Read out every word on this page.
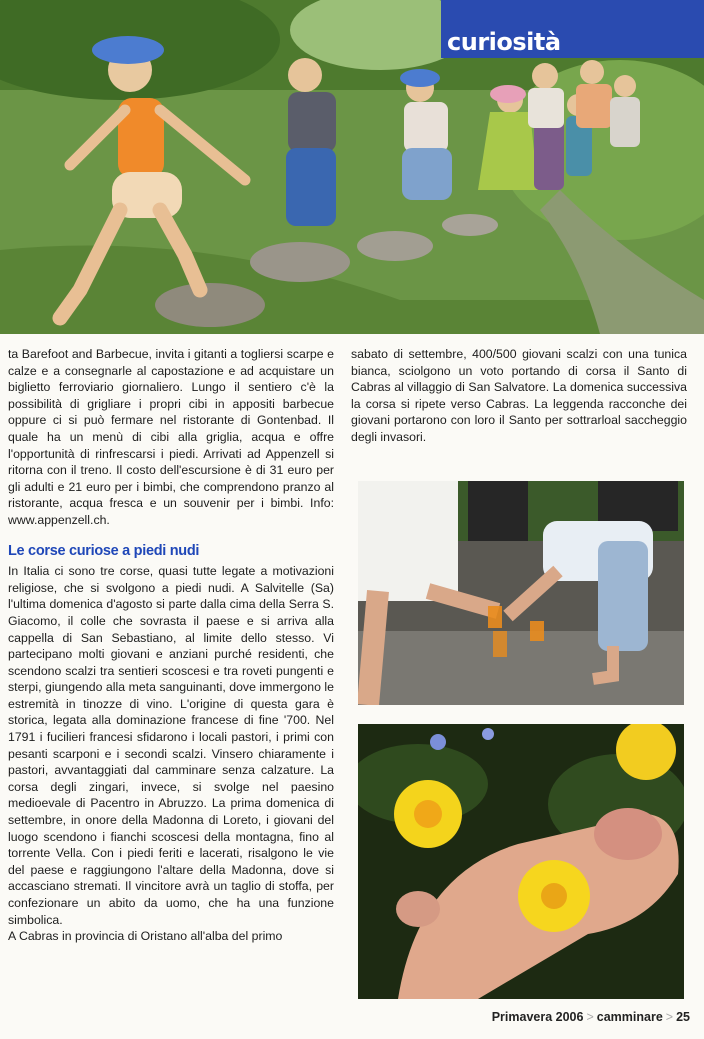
curiosità

ta Barefoot and Barbecue, invita i gitanti a togliersi scarpe e calze e a consegnarle al capostazione e ad acquistare un biglietto ferroviario giornaliero. Lungo il sentiero c'è la possibilità di grigliare i propri cibi in appositi barbecue oppure ci si può fermare nel ristorante di Gontenbad. Il quale ha un menù di cibi alla griglia, acqua e offre l'opportunità di rinfrescarsi i piedi. Arrivati ad Appenzell si ritorna con il treno. Il costo dell'escursione è di 31 euro per gli adulti e 21 euro per i bimbi, che comprendono pranzo al ristorante, acqua fresca e un souvenir per i bimbi. Info: www.appenzell.ch.

Le corse curiose a piedi nudi

In Italia ci sono tre corse, quasi tutte legate a motivazioni religiose, che si svolgono a piedi nudi. A Salvitelle (Sa) l'ultima domenica d'agosto si parte dalla cima della Serra S. Giacomo, il colle che sovrasta il paese e si arriva alla cappella di San Sebastiano, al limite dello stesso. Vi partecipano molti giovani e anziani purché residenti, che scendono scalzi tra sentieri scoscesi e tra roveti pungenti e sterpi, giungendo alla meta sanguinanti, dove immergono le estremità in tinozze di vino. L'origine di questa gara è storica, legata alla dominazione francese di fine '700. Nel 1791 i fucilieri francesi sfidarono i locali pastori, i primi con pesanti scarponi e i secondi scalzi. Vinsero chiaramente i pastori, avvantaggiati dal camminare senza calzature. La corsa degli zingari, invece, si svolge nel paesino medioevale di Pacentro in Abruzzo. La prima domenica di settembre, in onore della Madonna di Loreto, i giovani del luogo scendono i fianchi scoscesi della montagna, fino al torrente Vella. Con i piedi feriti e lacerati, risalgono le vie del paese e raggiungono l'altare della Madonna, dove si accasciano stremati. Il vincitore avrà un taglio di stoffa, per confezionare un abito da uomo, che ha una funzione simbolica.

A Cabras in provincia di Oristano all'alba del primo

sabato di settembre, 400/500 giovani scalzi con una tunica bianca, sciolgono un voto portando di corsa il Santo di Cabras al villaggio di San Salvatore. La domenica successiva la corsa si ripete verso Cabras. La leggenda racconche dei giovani portarono con loro il Santo per sottrarloal saccheggio degli invasori.

Primavera 2006 > camminare > 25
